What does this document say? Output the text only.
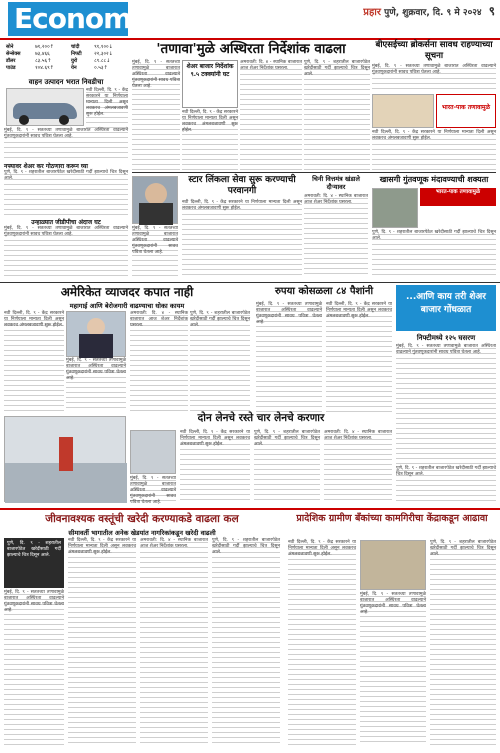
Economy	प्रहार पुणे, शुक्रवार, दि. ९ मे २०२४ ९
सोने	७१,२००↑	चांदी	९१,१००↓
सेन्सेक्स	७३,४६६	निफ्टी	२२,३०२↓
डॉलर	८३.५६↑	युरो	८९.८८↓
पाउंड	१०४.६९↑	येन	०.५३↑
वाहन उत्पादन भरात निवडीचा
नवी दिल्ली, दि. ९ - केंद्र सरकारने या निर्णयाला मान्यता दिली असून लवकरच अंमलबजावणी सुरू होईल.
मुंबई, दि. ९ - सततच्या तणावामुळे बाजारात अस्थिरता वाढल्याने गुंतवणूकदारांनी सावध पवित्रा घेतला आहे.
नफ्यावर शेअर कर गोठणारा करून घ्या
पुणे, दि. ९ - शहरातील बाजारपेठेत खरेदीसाठी गर्दी झाल्याचे चित्र दिसून आले.
उन्हाळ्यात जीडीपीचा अंदाज घट
मुंबई, दि. ९ - सततच्या तणावामुळे बाजारात अस्थिरता वाढल्याने गुंतवणूकदारांनी सावध पवित्रा घेतला आहे.
'तणावा'मुळे अस्थिरता निर्देशांक वाढला
मुंबई, दि. ९ - सततच्या तणावामुळे बाजारात अस्थिरता वाढल्याने गुंतवणूकदारांनी सावध पवित्रा घेतला आहे.
शेअर बाजार निर्देशांक ९.५ टक्क्यांनी घट
नवी दिल्ली, दि. ९ - केंद्र सरकारने या निर्णयाला मान्यता दिली असून लवकरच अंमलबजावणी सुरू होईल.
अमरावती: दि. ४ - स्थानिक बाजारात आज शेअर निर्देशांक घसरला.
पुणे, दि. ९ - शहरातील बाजारपेठेत खरेदीसाठी गर्दी झाल्याचे चित्र दिसून आले.
बीएसईच्या ब्रोकर्सना सावध राहण्याच्या सूचना
मुंबई, दि. ९ - सततच्या तणावामुळे बाजारात अस्थिरता वाढल्याने गुंतवणूकदारांनी सावध पवित्रा घेतला आहे.
भारत-पाक तणावामुळे
नवी दिल्ली, दि. ९ - केंद्र सरकारने या निर्णयाला मान्यता दिली असून लवकरच अंमलबजावणी सुरू होईल.
स्टार लिंकला सेवा सुरू करण्याची परवानगी
नवी दिल्ली, दि. ९ - केंद्र सरकारने या निर्णयाला मान्यता दिली असून लवकरच अंमलबजावणी सुरू होईल.
मुंबई, दि. ९ - सततच्या तणावामुळे बाजारात अस्थिरता वाढल्याने गुंतवणूकदारांनी सावध पवित्रा घेतला आहे.
चिनी वित्तमंत्र खंडाले दौऱ्यावर
अमरावती: दि. ४ - स्थानिक बाजारात आज शेअर निर्देशांक घसरला.
खासगी गुंतवणूक मंदावण्याची शक्यता
भारत-पाक तणावामुळे
पुणे, दि. ९ - शहरातील बाजारपेठेत खरेदीसाठी गर्दी झाल्याचे चित्र दिसून आले.
अमेरिकेत व्याजदर कपात नाही
महागाई आणि बेरोजगारी वाढण्याचा धोका कायम
नवी दिल्ली, दि. ९ - केंद्र सरकारने या निर्णयाला मान्यता दिली असून लवकरच अंमलबजावणी सुरू होईल.
मुंबई, दि. ९ - सततच्या तणावामुळे बाजारात अस्थिरता वाढल्याने गुंतवणूकदारांनी सावध पवित्रा घेतला आहे.
अमरावती: दि. ४ - स्थानिक बाजारात आज शेअर निर्देशांक घसरला.
पुणे, दि. ९ - शहरातील बाजारपेठेत खरेदीसाठी गर्दी झाल्याचे चित्र दिसून आले.
रुपया कोसळला ८४ पैशांनी
मुंबई, दि. ९ - सततच्या तणावामुळे बाजारात अस्थिरता वाढल्याने गुंतवणूकदारांनी सावध पवित्रा घेतला आहे.
नवी दिल्ली, दि. ९ - केंद्र सरकारने या निर्णयाला मान्यता दिली असून लवकरच अंमलबजावणी सुरू होईल.
...आणि काय तरी शेअर बाजार गोंधळात
निफ्टीमध्ये १२५ घसरण
मुंबई, दि. ९ - सततच्या तणावामुळे बाजारात अस्थिरता वाढल्याने गुंतवणूकदारांनी सावध पवित्रा घेतला आहे.
दोन लेनचे रस्ते चार लेनचे करणार
नवी दिल्ली, दि. ९ - केंद्र सरकारने या निर्णयाला मान्यता दिली असून लवकरच अंमलबजावणी सुरू होईल.
पुणे, दि. ९ - शहरातील बाजारपेठेत खरेदीसाठी गर्दी झाल्याचे चित्र दिसून आले.
अमरावती: दि. ४ - स्थानिक बाजारात आज शेअर निर्देशांक घसरला.
मुंबई, दि. ९ - सततच्या तणावामुळे बाजारात अस्थिरता वाढल्याने गुंतवणूकदारांनी सावध पवित्रा घेतला आहे.
पुणे, दि. ९ - शहरातील बाजारपेठेत खरेदीसाठी गर्दी झाल्याचे चित्र दिसून आले.
जीवनावश्यक वस्तूंची खरेदी करण्याकडे वाढला कल
सीमावर्ती भागातील अनेक खेडयांत नागरिकांकडून खरेदी वाढली
पुणे, दि. ९ - शहरातील बाजारपेठेत खरेदीसाठी गर्दी झाल्याचे चित्र दिसून आले.
मुंबई, दि. ९ - सततच्या तणावामुळे बाजारात अस्थिरता वाढल्याने गुंतवणूकदारांनी सावध पवित्रा घेतला आहे.
नवी दिल्ली, दि. ९ - केंद्र सरकारने या निर्णयाला मान्यता दिली असून लवकरच अंमलबजावणी सुरू होईल.
अमरावती: दि. ४ - स्थानिक बाजारात आज शेअर निर्देशांक घसरला.
पुणे, दि. ९ - शहरातील बाजारपेठेत खरेदीसाठी गर्दी झाल्याचे चित्र दिसून आले.
प्रादेशिक ग्रामीण बँकांच्या कामगिरीचा केंद्राकडून आढावा
नवी दिल्ली, दि. ९ - केंद्र सरकारने या निर्णयाला मान्यता दिली असून लवकरच अंमलबजावणी सुरू होईल.
मुंबई, दि. ९ - सततच्या तणावामुळे बाजारात अस्थिरता वाढल्याने गुंतवणूकदारांनी सावध पवित्रा घेतला आहे.
पुणे, दि. ९ - शहरातील बाजारपेठेत खरेदीसाठी गर्दी झाल्याचे चित्र दिसून आले.
